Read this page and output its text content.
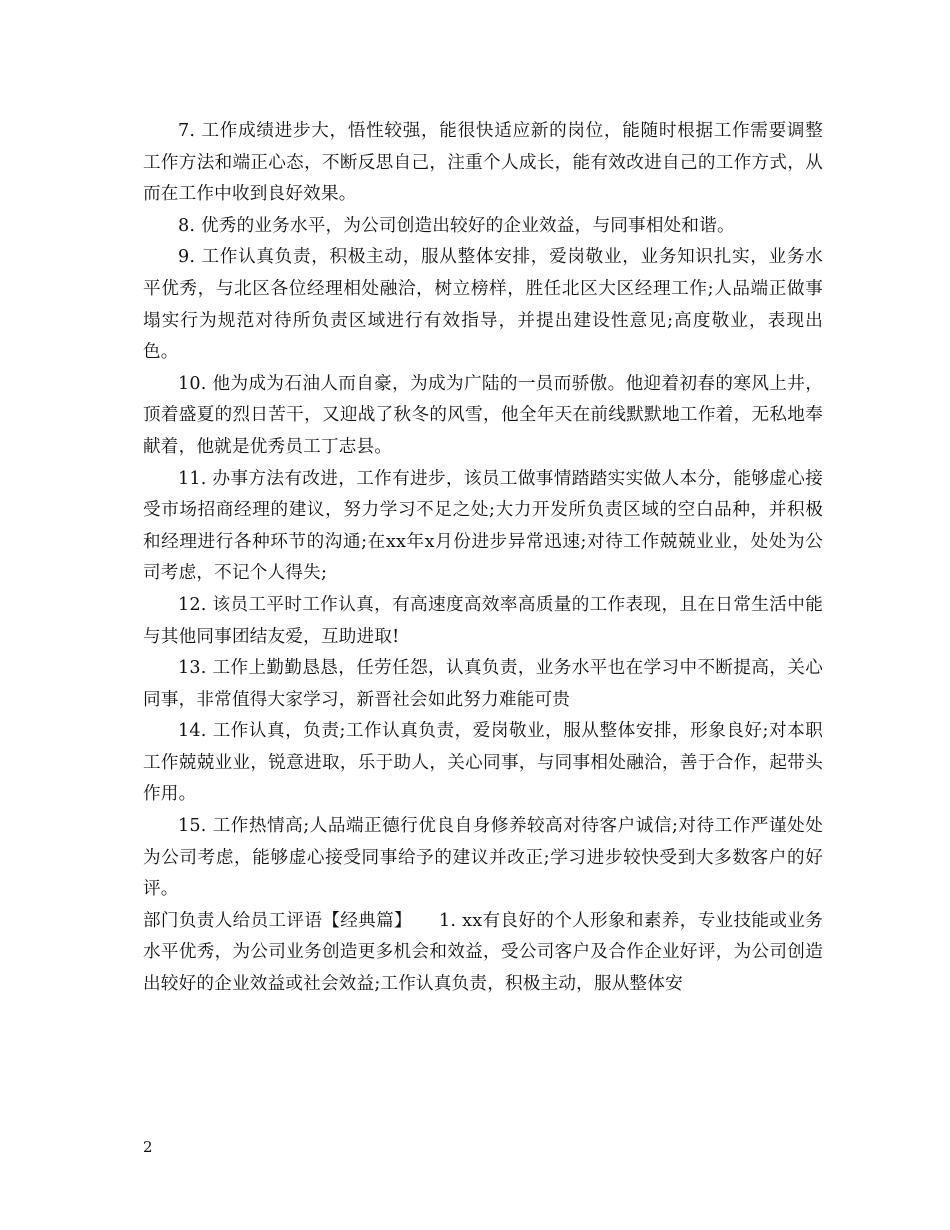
7. 工作成绩进步大，悟性较强，能很快适应新的岗位，能随时根据工作需要调整工作方法和端正心态，不断反思自己，注重个人成长，能有效改进自己的工作方式，从而在工作中收到良好效果。

8. 优秀的业务水平，为公司创造出较好的企业效益，与同事相处和谐。

9. 工作认真负责，积极主动，服从整体安排，爱岗敬业，业务知识扎实，业务水平优秀，与北区各位经理相处融洽，树立榜样，胜任北区大区经理工作;人品端正做事塌实行为规范对待所负责区域进行有效指导，并提出建设性意见;高度敬业，表现出色。

10. 他为成为石油人而自豪，为成为广陆的一员而骄傲。他迎着初春的寒风上井，顶着盛夏的烈日苦干，又迎战了秋冬的风雪，他全年天在前线默默地工作着，无私地奉献着，他就是优秀员工丁志县。

11. 办事方法有改进，工作有进步，该员工做事情踏踏实实做人本分，能够虚心接受市场招商经理的建议，努力学习不足之处;大力开发所负责区域的空白品种，并积极和经理进行各种环节的沟通;在xx年x月份进步异常迅速;对待工作兢兢业业，处处为公司考虑，不记个人得失;

12. 该员工平时工作认真，有高速度高效率高质量的工作表现，且在日常生活中能与其他同事团结友爱，互助进取!

13. 工作上勤勤恳恳，任劳任怨，认真负责，业务水平也在学习中不断提高，关心同事，非常值得大家学习，新晋社会如此努力难能可贵

14. 工作认真，负责;工作认真负责，爱岗敬业，服从整体安排，形象良好;对本职工作兢兢业业，锐意进取，乐于助人，关心同事，与同事相处融洽，善于合作，起带头作用。

15. 工作热情高;人品端正德行优良自身修养较高对待客户诚信;对待工作严谨处处为公司考虑，能够虚心接受同事给予的建议并改正;学习进步较快受到大多数客户的好评。

部门负责人给员工评语【经典篇】　　1. xx有良好的个人形象和素养，专业技能或业务水平优秀，为公司业务创造更多机会和效益，受公司客户及合作企业好评，为公司创造出较好的企业效益或社会效益;工作认真负责，积极主动，服从整体安

2
